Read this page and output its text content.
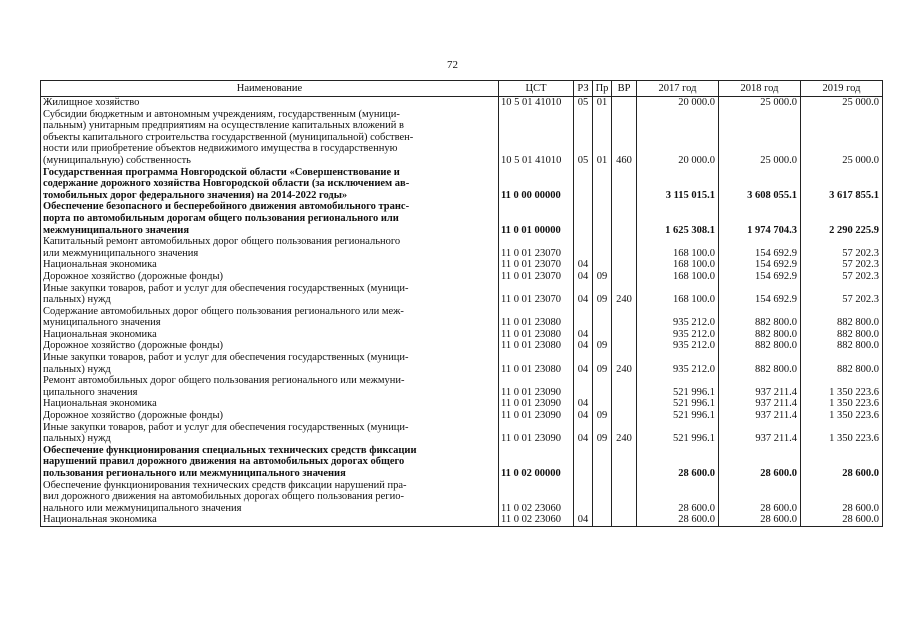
72
Наименование	ЦСТ	РЗ	Пр	ВР	2017 год	2018 год	2019 год
Жилищное хозяйство	10 5 01 41010	05	01		20 000.0	25 000.0	25 000.0
Субсидии бюджетным и автономным учреждениям, государственным (муници-
пальным) унитарным предприятиям на осуществление капитальных вложений в
объекты капитального строительства государственной (муниципальной) собствен-
ности или приобретение объектов недвижимого имущества в государственную
(муниципальную) собственность	10 5 01 41010	05	01	460	20 000.0	25 000.0	25 000.0
Государственная программа Новгородской области «Совершенствование и
содержание дорожного хозяйства Новгородской области (за исключением ав-
томобильных дорог федерального значения) на 2014-2022 годы»	11 0 00 00000				3 115 015.1	3 608 055.1	3 617 855.1
Обеспечение безопасного и бесперебойного движения автомобильного транс-
порта по автомобильным дорогам общего пользования регионального или
межмуниципального значения	11 0 01 00000				1 625 308.1	1 974 704.3	2 290 225.9
Капитальный ремонт автомобильных дорог общего пользования регионального
или межмуниципального значения	11 0 01 23070				168 100.0	154 692.9	57 202.3
Национальная экономика	11 0 01 23070	04			168 100.0	154 692.9	57 202.3
Дорожное хозяйство (дорожные фонды)	11 0 01 23070	04	09		168 100.0	154 692.9	57 202.3
Иные закупки товаров, работ и услуг для обеспечения государственных (муници-
пальных) нужд	11 0 01 23070	04	09	240	168 100.0	154 692.9	57 202.3
Содержание автомобильных дорог общего пользования регионального или меж-
муниципального значения	11 0 01 23080				935 212.0	882 800.0	882 800.0
Национальная экономика	11 0 01 23080	04			935 212.0	882 800.0	882 800.0
Дорожное хозяйство (дорожные фонды)	11 0 01 23080	04	09		935 212.0	882 800.0	882 800.0
Иные закупки товаров, работ и услуг для обеспечения государственных (муници-
пальных) нужд	11 0 01 23080	04	09	240	935 212.0	882 800.0	882 800.0
Ремонт автомобильных дорог общего пользования регионального или межмуни-
ципального значения	11 0 01 23090				521 996.1	937 211.4	1 350 223.6
Национальная экономика	11 0 01 23090	04			521 996.1	937 211.4	1 350 223.6
Дорожное хозяйство (дорожные фонды)	11 0 01 23090	04	09		521 996.1	937 211.4	1 350 223.6
Иные закупки товаров, работ и услуг для обеспечения государственных (муници-
пальных) нужд	11 0 01 23090	04	09	240	521 996.1	937 211.4	1 350 223.6
Обеспечение функционирования специальных технических средств фиксации
нарушений правил дорожного движения на автомобильных дорогах общего
пользования регионального или межмуниципального значения	11 0 02 00000				28 600.0	28 600.0	28 600.0
Обеспечение функционирования технических средств фиксации нарушений пра-
вил дорожного движения на автомобильных дорогах общего пользования регио-
нального или межмуниципального значения	11 0 02 23060				28 600.0	28 600.0	28 600.0
Национальная экономика	11 0 02 23060	04			28 600.0	28 600.0	28 600.0
